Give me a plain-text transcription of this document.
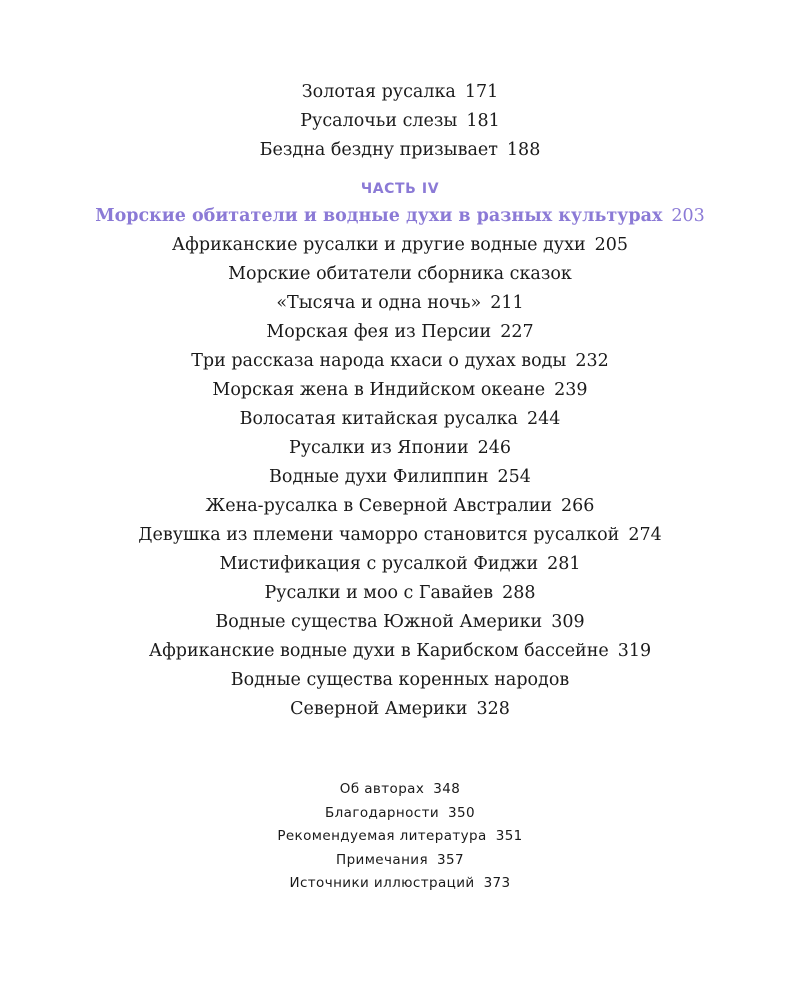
Золотая русалка 171
Русалочьи слезы 181
Бездна бездну призывает 188
ЧАСТЬ IV
Морские обитатели и водные духи в разных культурах 203
Африканские русалки и другие водные духи 205
Морские обитатели сборника сказок
«Тысяча и одна ночь» 211
Морская фея из Персии 227
Три рассказа народа кхаси о духах воды 232
Морская жена в Индийском океане 239
Волосатая китайская русалка 244
Русалки из Японии 246
Водные духи Филиппин 254
Жена-русалка в Северной Австралии 266
Девушка из племени чаморро становится русалкой 274
Мистификация с русалкой Фиджи 281
Русалки и моо с Гавайев 288
Водные существа Южной Америки 309
Африканские водные духи в Карибском бассейне 319
Водные существа коренных народов
Северной Америки 328
Об авторах 348
Благодарности 350
Рекомендуемая литература 351
Примечания 357
Источники иллюстраций 373
